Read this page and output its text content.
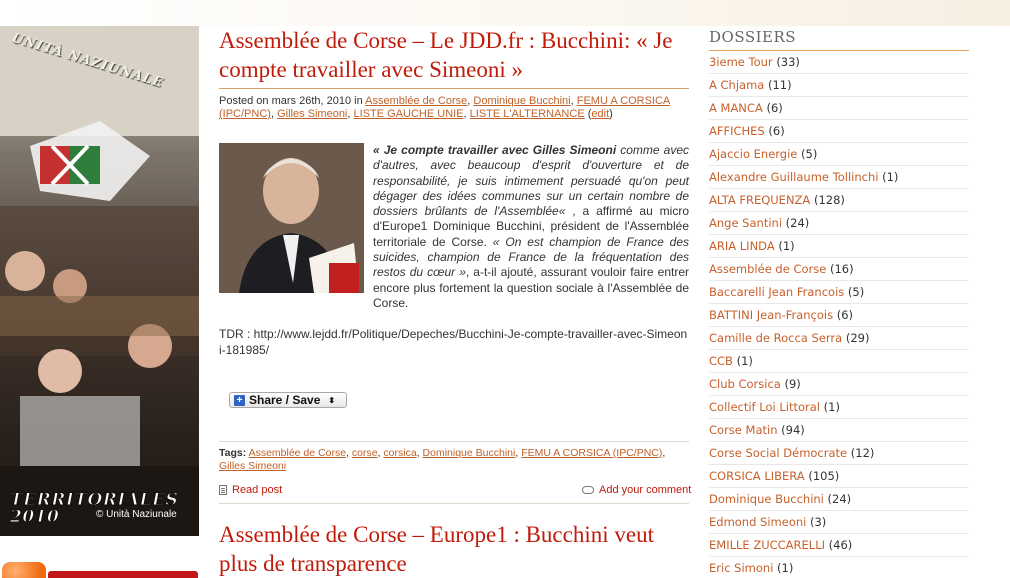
UNITÀ NAZIUNALE
TERRITORIALES
2010	© Unità Naziunale
Assemblée de Corse – Le JDD.fr : Bucchini: « Je compte travailler avec Simeoni »
Posted on mars 26th, 2010 in Assemblée de Corse, Dominique Bucchini, FEMU A CORSICA (IPC/PNC), Gilles Simeoni, LISTE GAUCHE UNIE, LISTE L'ALTERNANCE (edit)

« Je compte travailler avec Gilles Simeoni comme avec d'autres, avec beaucoup d'esprit d'ouverture et de responsabilité, je suis intimement persuadé qu'on peut dégager des idées communes sur un certain nombre de dossiers brûlants de l'Assemblée« , a affirmé au micro d'Europe1 Dominique Bucchini, président de l'Assemblée territoriale de Corse. « On est champion de France des suicides, champion de France de la fréquentation des restos du cœur », a-t-il ajouté, assurant vouloir faire entrer encore plus fortement la question sociale à l'Assemblée de Corse.

TDR : http://www.lejdd.fr/Politique/Depeches/Bucchini-Je-compte-travailler-avec-Simeoni-181985/
+ Share / Save ⬍
Tags: Assemblée de Corse, corse, corsica, Dominique Bucchini, FEMU A CORSICA (IPC/PNC),
Gilles Simeoni
Read post	Add your comment
Assemblée de Corse – Europe1 : Bucchini veut plus de transparence
DOSSIERS
3ieme Tour (33)
A Chjama (11)
A MANCA (6)
AFFICHES (6)
Ajaccio Energie (5)
Alexandre Guillaume Tollinchi (1)
ALTA FREQUENZA (128)
Ange Santini (24)
ARIA LINDA (1)
Assemblée de Corse (16)
Baccarelli Jean Francois (5)
BATTINI Jean-François (6)
Camille de Rocca Serra (29)
CCB (1)
Club Corsica (9)
Collectif Loi Littoral (1)
Corse Matin (94)
Corse Social Démocrate (12)
CORSICA LIBERA (105)
Dominique Bucchini (24)
Edmond Simeoni (3)
EMILLE ZUCCARELLI (46)
Eric Simoni (1)
